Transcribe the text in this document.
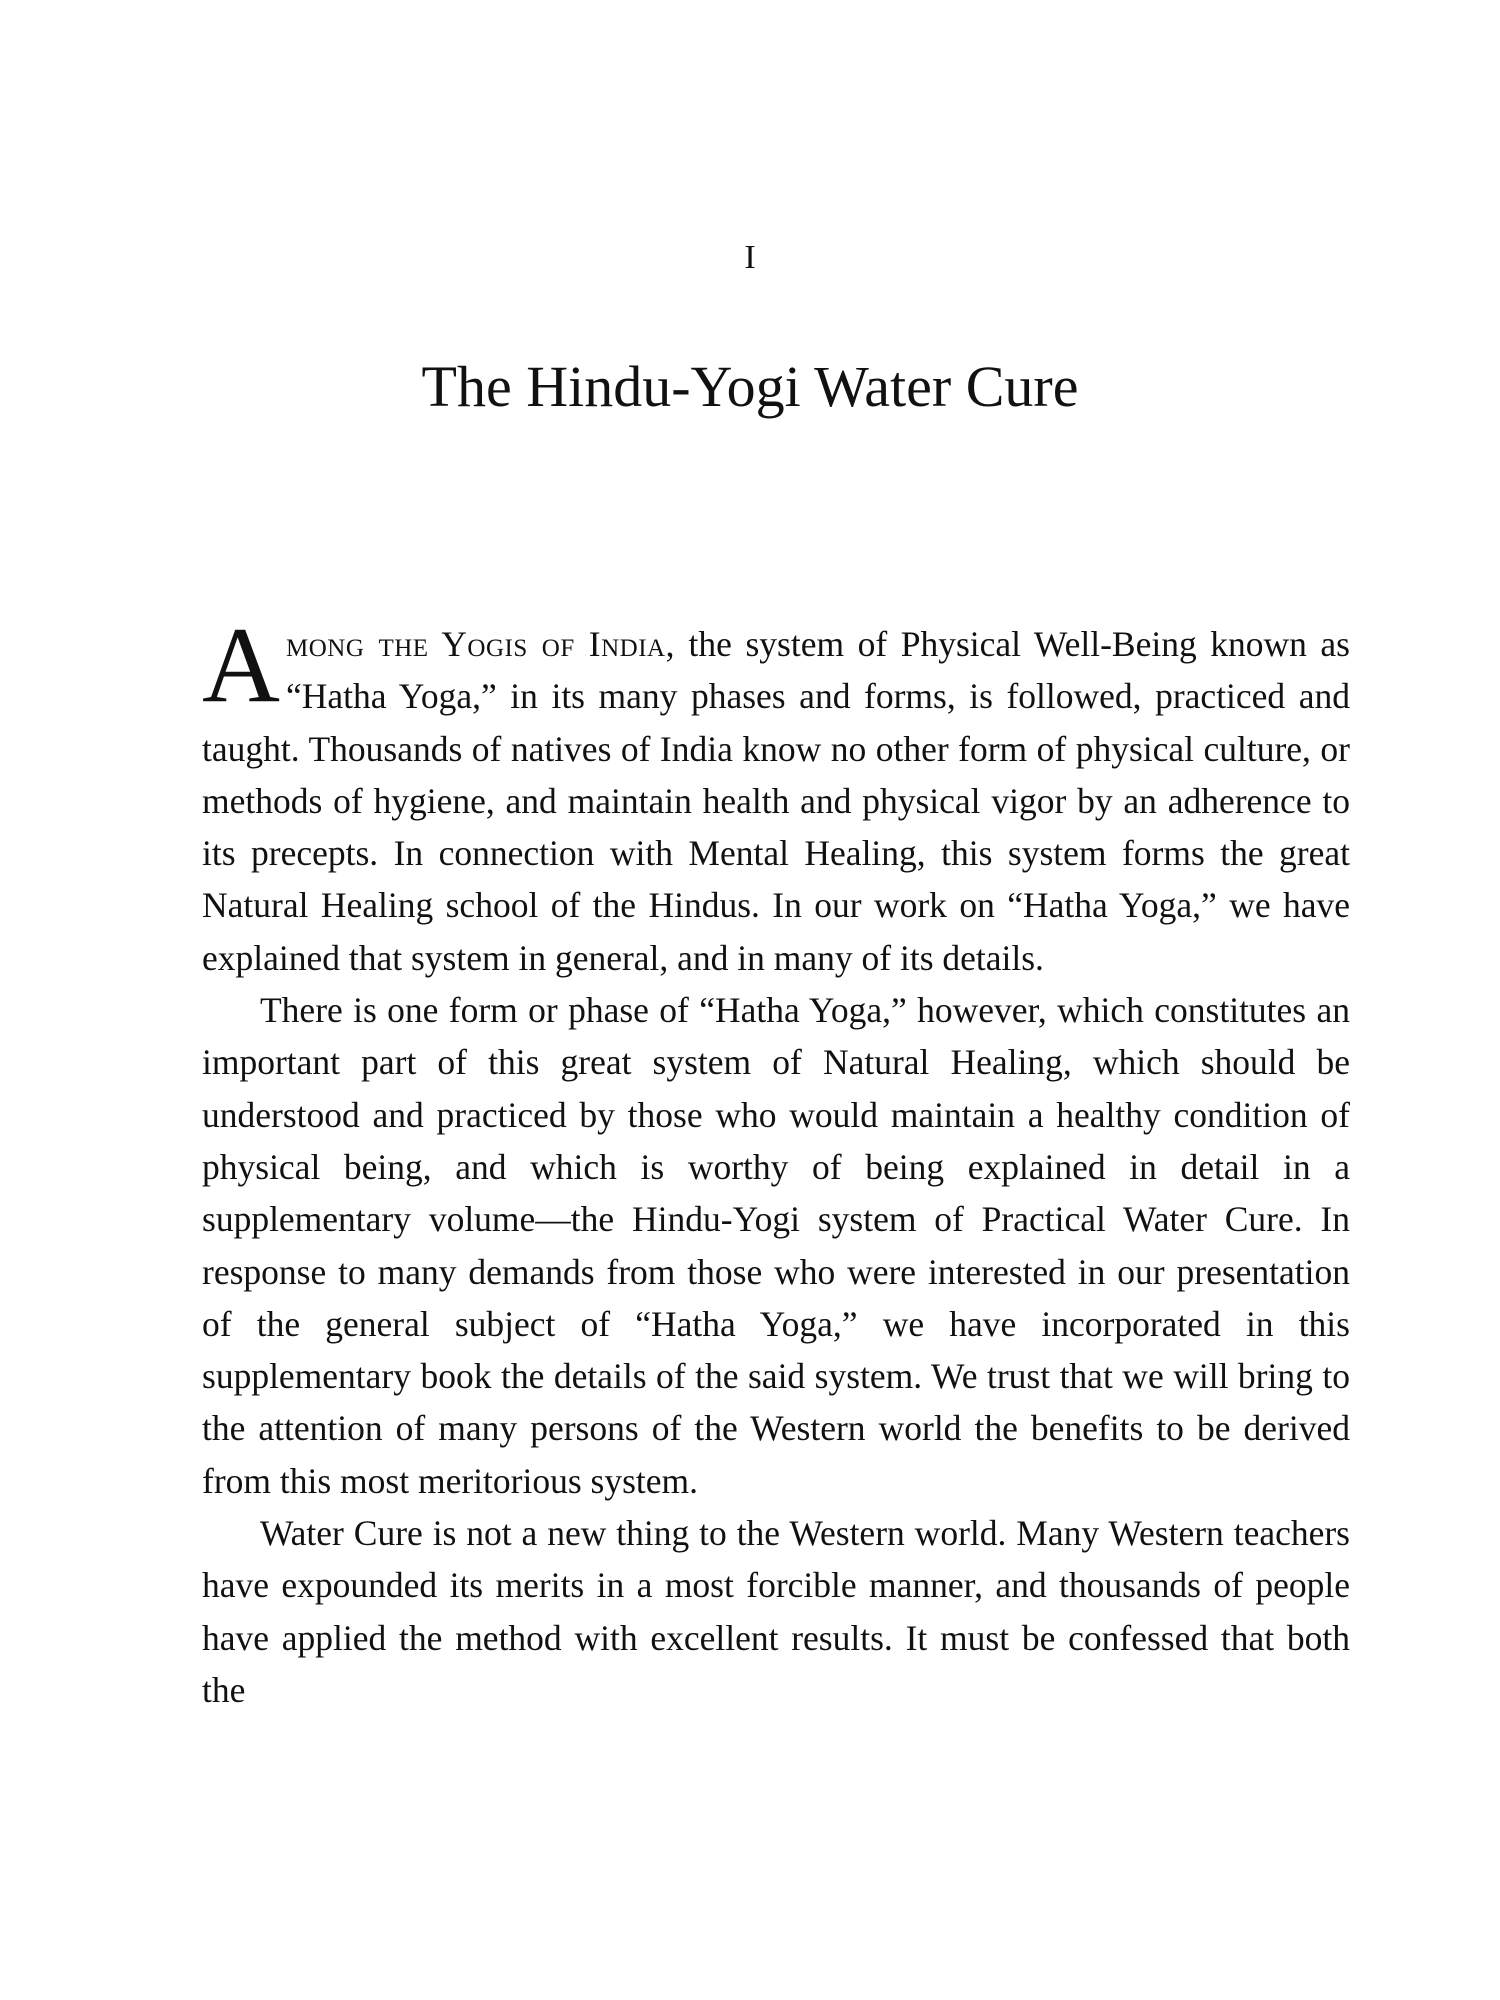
I
The Hindu-Yogi Water Cure

Among the Yogis of India, the system of Physical Well-Being known as “Hatha Yoga,” in its many phases and forms, is followed, practiced and taught. Thousands of natives of India know no other form of physical culture, or methods of hygiene, and maintain health and physical vigor by an adherence to its precepts. In connection with Mental Healing, this system forms the great Natural Healing school of the Hindus. In our work on “Hatha Yoga,” we have explained that system in general, and in many of its details.

There is one form or phase of “Hatha Yoga,” however, which constitutes an important part of this great system of Natural Healing, which should be understood and practiced by those who would maintain a healthy condition of physical being, and which is worthy of being explained in detail in a supplementary volume—the Hindu-Yogi system of Practical Water Cure. In response to many demands from those who were interested in our presentation of the general subject of “Hatha Yoga,” we have incorporated in this supplementary book the details of the said system. We trust that we will bring to the attention of many persons of the Western world the benefits to be derived from this most meritorious system.

Water Cure is not a new thing to the Western world. Many Western teachers have expounded its merits in a most forcible manner, and thousands of people have applied the method with excellent results. It must be confessed that both the
